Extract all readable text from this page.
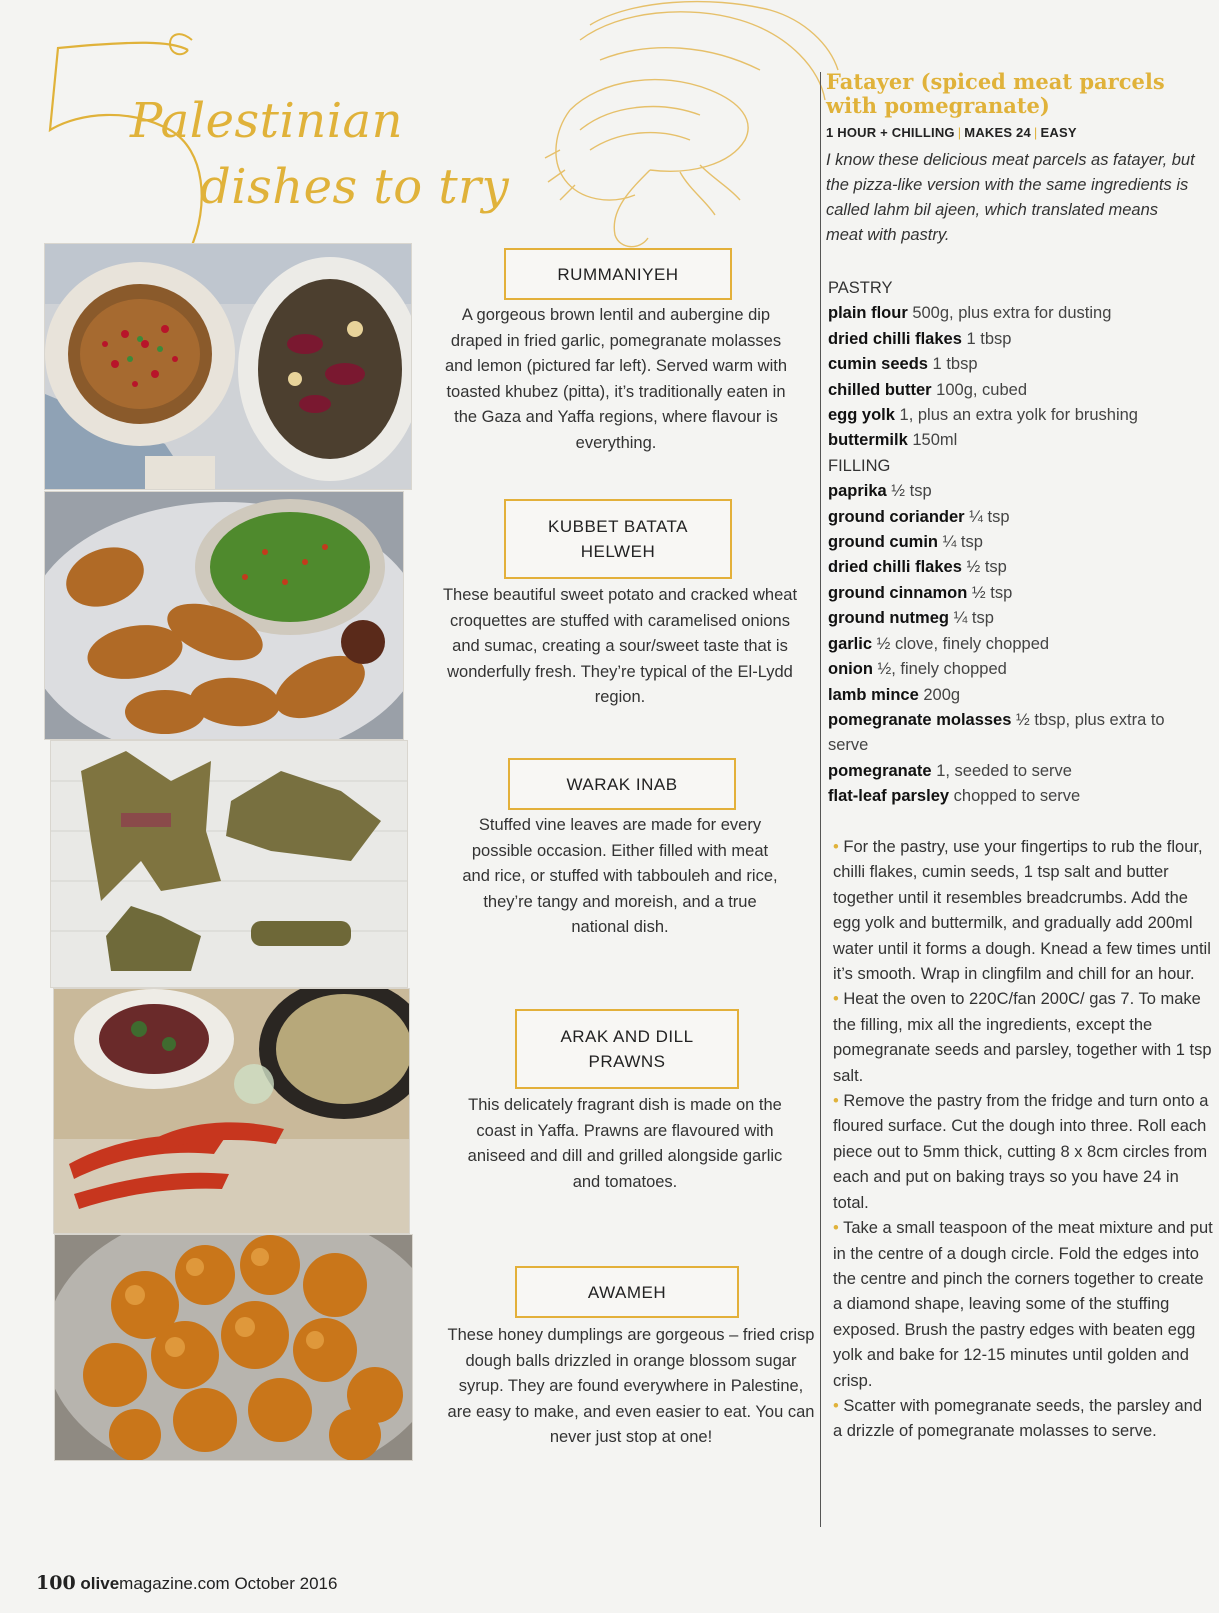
5
Palestinian
dishes to try
RUMMANIYEH
A gorgeous brown lentil and aubergine dip draped in fried garlic, pomegranate molasses and lemon (pictured far left). Served warm with toasted khubez (pitta), it’s traditionally eaten in the Gaza and Yaffa regions, where flavour is everything.
KUBBET BATATA HELWEH
These beautiful sweet potato and cracked wheat croquettes are stuffed with caramelised onions and sumac, creating a sour/sweet taste that is wonderfully fresh. They’re typical of the El-Lydd region.
WARAK INAB
Stuffed vine leaves are made for every possible occasion. Either filled with meat and rice, or stuffed with tabbouleh and rice, they’re tangy and moreish, and a true national dish.
ARAK AND DILL PRAWNS
This delicately fragrant dish is made on the coast in Yaffa. Prawns are flavoured with aniseed and dill and grilled alongside garlic and tomatoes.
AWAMEH
These honey dumplings are gorgeous – fried crisp dough balls drizzled in orange blossom sugar syrup. They are found everywhere in Palestine, are easy to make, and even easier to eat. You can never just stop at one!
Fatayer (spiced meat parcels with pomegranate)
1 HOUR + CHILLING | MAKES 24 | EASY
I know these delicious meat parcels as fatayer, but the pizza-like version with the same ingredients is called lahm bil ajeen, which translated means meat with pastry.
PASTRY
plain flour 500g, plus extra for dusting
dried chilli flakes 1 tbsp
cumin seeds 1 tbsp
chilled butter 100g, cubed
egg yolk 1, plus an extra yolk for brushing
buttermilk 150ml
FILLING
paprika ½ tsp
ground coriander ¼ tsp
ground cumin ¼ tsp
dried chilli flakes ½ tsp
ground cinnamon ½ tsp
ground nutmeg ¼ tsp
garlic ½ clove, finely chopped
onion ½, finely chopped
lamb mince 200g
pomegranate molasses ½ tbsp, plus extra to serve
pomegranate 1, seeded to serve
flat-leaf parsley chopped to serve

• For the pastry, use your fingertips to rub the flour, chilli flakes, cumin seeds, 1 tsp salt and butter together until it resembles breadcrumbs. Add the egg yolk and buttermilk, and gradually add 200ml water until it forms a dough. Knead a few times until it’s smooth. Wrap in clingfilm and chill for an hour.

• Heat the oven to 220C/fan 200C/ gas 7. To make the filling, mix all the ingredients, except the pomegranate seeds and parsley, together with 1 tsp salt.

• Remove the pastry from the fridge and turn onto a floured surface. Cut the dough into three. Roll each piece out to 5mm thick, cutting 8 x 8cm circles from each and put on baking trays so you have 24 in total.

• Take a small teaspoon of the meat mixture and put in the centre of a dough circle. Fold the edges into the centre and pinch the corners together to create a diamond shape, leaving some of the stuffing exposed. Brush the pastry edges with beaten egg yolk and bake for 12-15 minutes until golden and crisp.

• Scatter with pomegranate seeds, the parsley and a drizzle of pomegranate molasses to serve.

100 olivemagazine.com October 2016
